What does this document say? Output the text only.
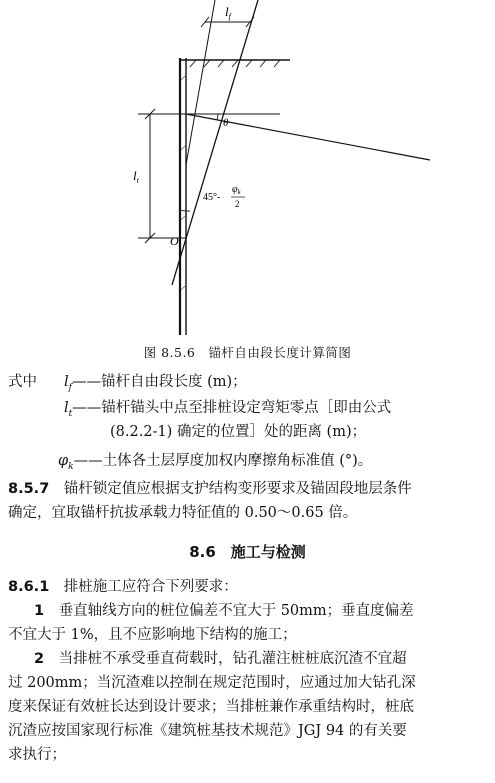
$l_f$
$l_t$
θ
45°-
$\varphi_k$
2
O
图 8.5.6　锚杆自由段长度计算简图
式中 $l_f——$锚杆自由段长度 (m)；
$l_t——$锚杆锚头中点至排桩设定弯矩零点［即由公式
(8.2.2-1) 确定的位置］处的距离 (m)；
$\varphi_k——$土体各土层厚度加权内摩擦角标准值 (°)。
8.5.7　 锚杆锁定值应根据支护结构变形要求及锚固段地层条件
确定，宜取锚杆抗拔承载力特征值的 0.50～0.65 倍。
8.6　 施工与检测
8.6.1　 排桩施工应符合下列要求：
1　 垂直轴线方向的桩位偏差不宜大于 50mm；垂直度偏差
不宜大于 1%，且不应影响地下结构的施工；
2　 当排桩不承受垂直荷载时，钻孔灌注桩桩底沉渣不宜超
过 200mm；当沉渣难以控制在规定范围时，应通过加大钻孔深
度来保证有效桩长达到设计要求；当排桩兼作承重结构时，桩底
沉渣应按国家现行标准《建筑桩基技术规范》JGJ 94 的有关要
求执行；
